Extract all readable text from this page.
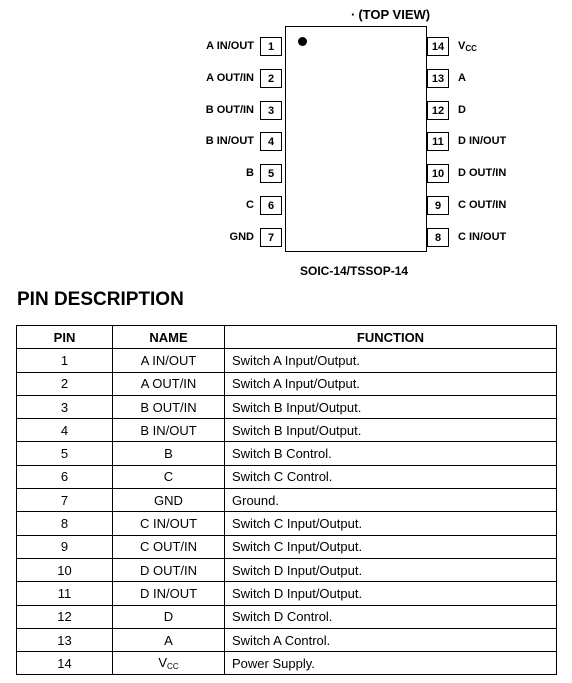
· (TOP VIEW)
1
A IN/OUT
2
A OUT/IN
3
B OUT/IN
4
B IN/OUT
5
B
6
C
7
GND
14	VCC
13	A
12	D
11	D IN/OUT
10	D OUT/IN
9	C OUT/IN
8	C IN/OUT
SOIC-14/TSSOP-14
PIN DESCRIPTION
PIN	NAME	FUNCTION
1	A IN/OUT	Switch A Input/Output.
2	A OUT/IN	Switch A Input/Output.
3	B OUT/IN	Switch B Input/Output.
4	B IN/OUT	Switch B Input/Output.
5	B	Switch B Control.
6	C	Switch C Control.
7	GND	Ground.
8	C IN/OUT	Switch C Input/Output.
9	C OUT/IN	Switch C Input/Output.
10	D OUT/IN	Switch D Input/Output.
11	D IN/OUT	Switch D Input/Output.
12	D	Switch D Control.
13	A	Switch A Control.
14	VCC	Power Supply.
